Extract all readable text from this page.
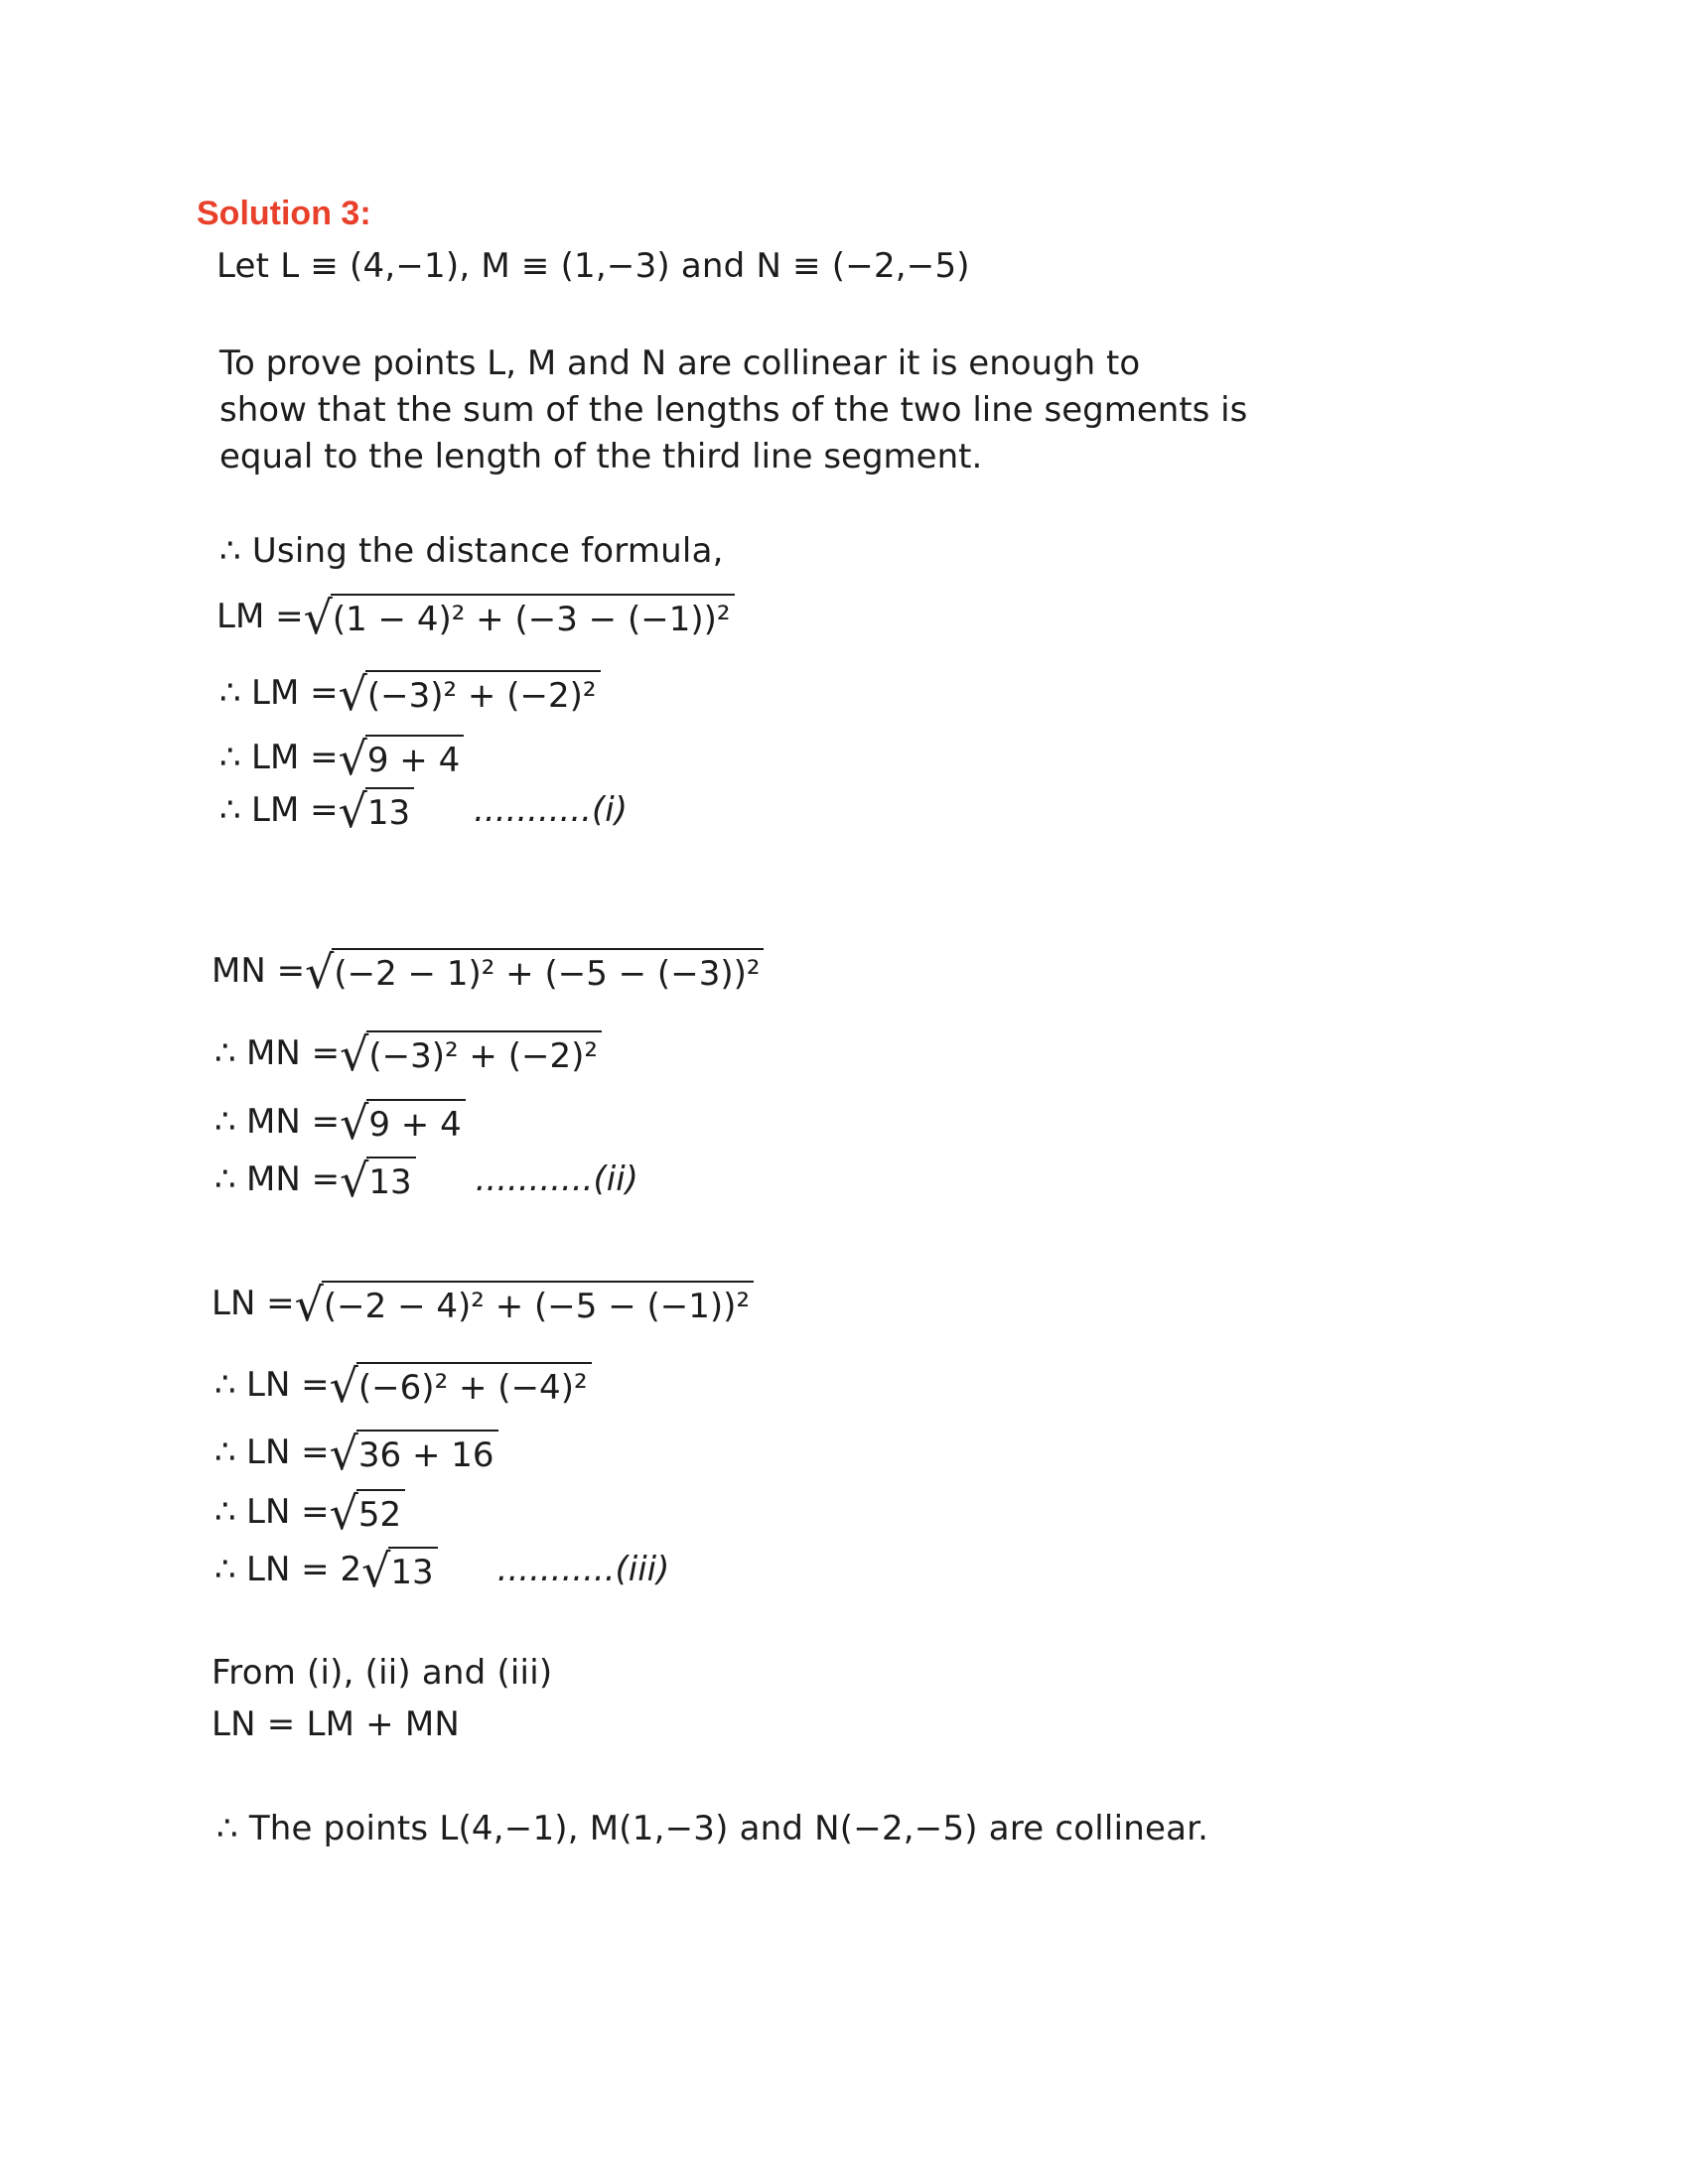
Solution 3:
Let L ≡ (4,−1), M ≡ (1,−3) and N ≡ (−2,−5)
To prove points L, M and N are collinear it is enough to
show that the sum of the lengths of the two line segments is
equal to the length of the third line segment.
∴ Using the distance formula,
LM = √ (1 − 4)² + (−3 − (−1))²
∴ LM = √ (−3)² + (−2)²
∴ LM = √ 9 + 4
∴ LM = √ 13 ...........(i)
MN = √ (−2 − 1)² + (−5 − (−3))²
∴ MN = √ (−3)² + (−2)²
∴ MN = √ 9 + 4
∴ MN = √ 13 ...........(ii)
LN = √ (−2 − 4)² + (−5 − (−1))²
∴ LN = √ (−6)² + (−4)²
∴ LN = √ 36 + 16
∴ LN = √ 52
∴ LN = 2 √ 13 ...........(iii)
From (i), (ii) and (iii)
LN = LM + MN
∴ The points L(4,−1), M(1,−3) and N(−2,−5) are collinear.
